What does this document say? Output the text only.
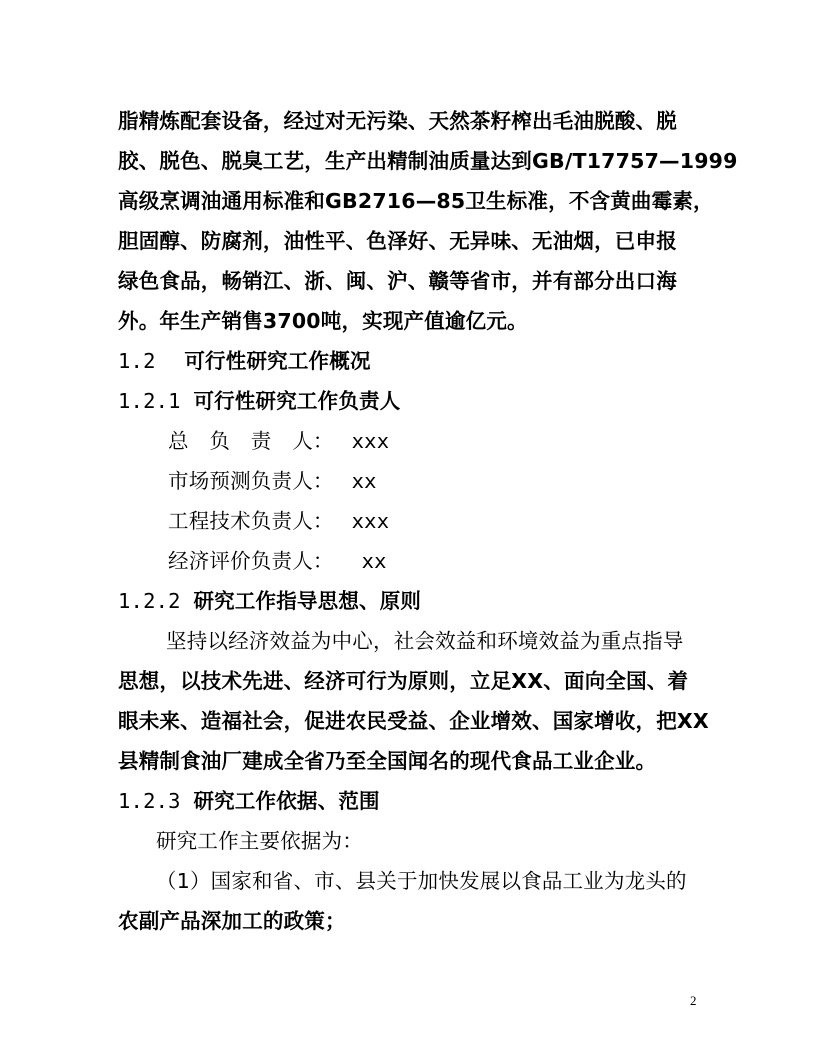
脂精炼配套设备，经过对无污染、天然茶籽榨出毛油脱酸、脱
胶、脱色、脱臭工艺，生产出精制油质量达到GB/T17757—1999
高级烹调油通用标准和GB2716—85卫生标准，不含黄曲霉素，
胆固醇、防腐剂，油性平、色泽好、无异味、无油烟，已申报
绿色食品，畅销江、浙、闽、沪、赣等省市，并有部分出口海
外。年生产销售3700吨，实现产值逾亿元。
1.2 可行性研究工作概况
1.2.1 可行性研究工作负责人
总　负　责　人： xxx
市场预测负责人： xx
工程技术负责人： xxx
经济评价负责人： xx
1.2.2 研究工作指导思想、原则
坚持以经济效益为中心，社会效益和环境效益为重点指导
思想，以技术先进、经济可行为原则，立足XX、面向全国、着
眼未来、造福社会，促进农民受益、企业增效、国家增收，把XX
县精制食油厂建成全省乃至全国闻名的现代食品工业企业。
1.2.3 研究工作依据、范围
研究工作主要依据为：
（1）国家和省、市、县关于加快发展以食品工业为龙头的
农副产品深加工的政策；
2
